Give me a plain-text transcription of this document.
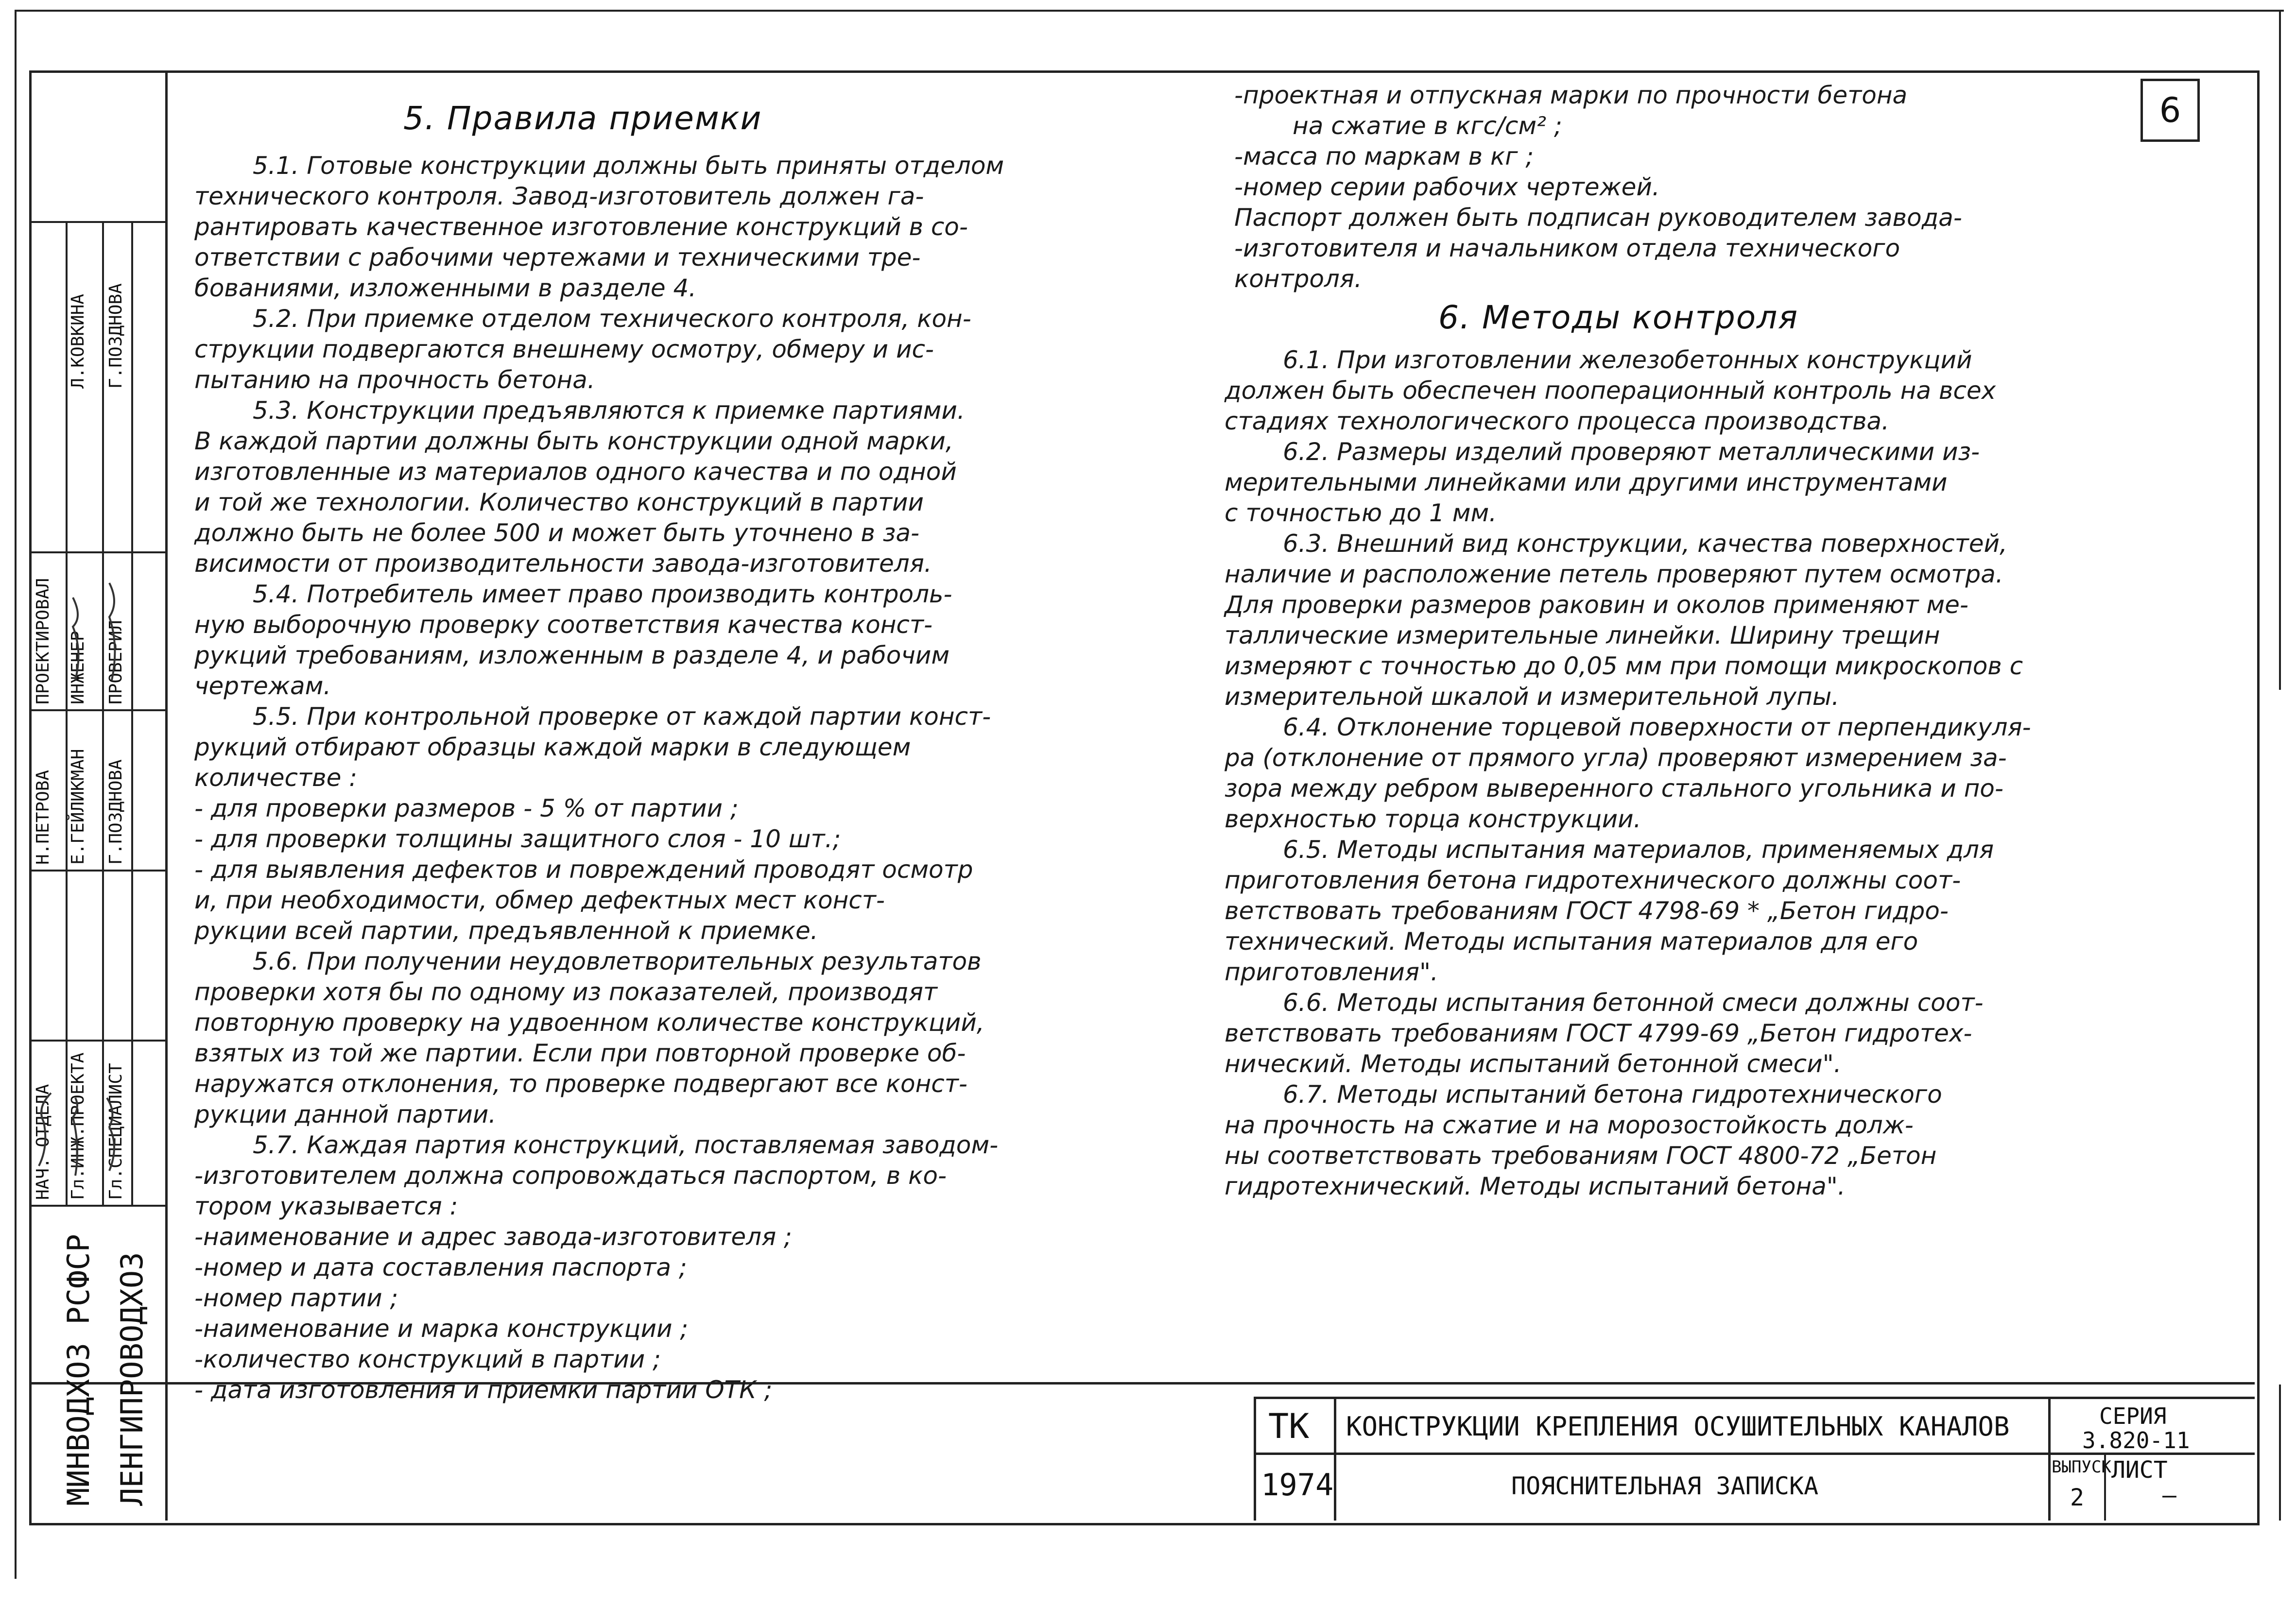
6
5. Правила приемки

5.1. Готовые конструкции должны быть приняты отделом

технического контроля. Завод-изготовитель должен га-

рантировать качественное изготовление конструкций в со-

ответствии с рабочими чертежами и техническими тре-

бованиями, изложенными в разделе 4.

5.2. При приемке отделом технического контроля, кон-

струкции подвергаются внешнему осмотру, обмеру и ис-

пытанию на прочность бетона.

5.3. Конструкции предъявляются к приемке партиями.

В каждой партии должны быть конструкции одной марки,

изготовленные из материалов одного качества и по одной

и той же технологии. Количество конструкций в партии

должно быть не более 500 и может быть уточнено в за-

висимости от производительности завода-изготовителя.

5.4. Потребитель имеет право производить контроль-

ную выборочную проверку соответствия качества конст-

рукций требованиям, изложенным в разделе 4, и рабочим

чертежам.

5.5. При контрольной проверке от каждой партии конст-

рукций отбирают образцы каждой марки в следующем

количестве :

- для проверки размеров - 5 % от партии ;

- для проверки толщины защитного слоя - 10 шт.;

- для выявления дефектов и повреждений проводят осмотр

и, при необходимости, обмер дефектных мест конст-

рукции всей партии, предъявленной к приемке.

5.6. При получении неудовлетворительных результатов

проверки хотя бы по одному из показателей, производят

повторную проверку на удвоенном количестве конструкций,

взятых из той же партии. Если при повторной проверке об-

наружатся отклонения, то проверке подвергают все конст-

рукции данной партии.

5.7. Каждая партия конструкций, поставляемая заводом-

-изготовителем должна сопровождаться паспортом, в ко-

тором указывается :

-наименование и адрес завода-изготовителя ;

-номер и дата составления паспорта ;

-номер партии ;

-наименование и марка конструкции ;

-количество конструкций в партии ;

- дата изготовления и приемки партии ОТК ;

-проектная и отпускная марки по прочности бетона

на сжатие в кгс/см² ;

-масса по маркам в кг ;

-номер серии рабочих чертежей.

Паспорт должен быть подписан руководителем завода-

-изготовителя и начальником отдела технического

контроля.

6. Методы контроля

6.1. При изготовлении железобетонных конструкций

должен быть обеспечен пооперационный контроль на всех

стадиях технологического процесса производства.

6.2. Размеры изделий проверяют металлическими из-

мерительными линейками или другими инструментами

с точностью до 1 мм.

6.3. Внешний вид конструкции, качества поверхностей,

наличие и расположение петель проверяют путем осмотра.

Для проверки размеров раковин и околов применяют ме-

таллические измерительные линейки. Ширину трещин

измеряют с точностью до 0,05 мм при помощи микроскопов с

измерительной шкалой и измерительной лупы.

6.4. Отклонение торцевой поверхности от перпендикуля-

ра (отклонение от прямого угла) проверяют измерением за-

зора между ребром выверенного стального угольника и по-

верхностью торца конструкции.

6.5. Методы испытания материалов, применяемых для

приготовления бетона гидротехнического должны соот-

ветствовать требованиям ГОСТ 4798-69 * „Бетон гидро-

технический. Методы испытания материалов для его

приготовления".

6.6. Методы испытания бетонной смеси должны соот-

ветствовать требованиям ГОСТ 4799-69 „Бетон гидротех-

нический. Методы испытаний бетонной смеси".

6.7. Методы испытаний бетона гидротехнического

на прочность на сжатие и на морозостойкость долж-

ны соответствовать требованиям ГОСТ 4800-72 „Бетон

гидротехнический. Методы испытаний бетона".

МИНВОДХОЗ РСФСР ЛЕНГИПРОВОДХОЗ
НАЧ. ОТДЕЛА Гл.ИНЖ.ПРОЕКТА Гл.СПЕЦИАЛИСТ
ПРОЕКТИРОВАЛ ИНЖЕНЕР ПРОВЕРИЛ
Н.ПЕТРОВА Е.ГЕЙЛИКМАН Г.ПОЗДНОВА
Л.КОВКИНА Г.ПОЗДНОВА
ТК
1974
КОНСТРУКЦИИ КРЕПЛЕНИЯ ОСУШИТЕЛЬНЫХ КАНАЛОВ
ПОЯСНИТЕЛЬНАЯ ЗАПИСКА
СЕРИЯ
3.820-11
ВЫПУСК
2
ЛИСТ
–
